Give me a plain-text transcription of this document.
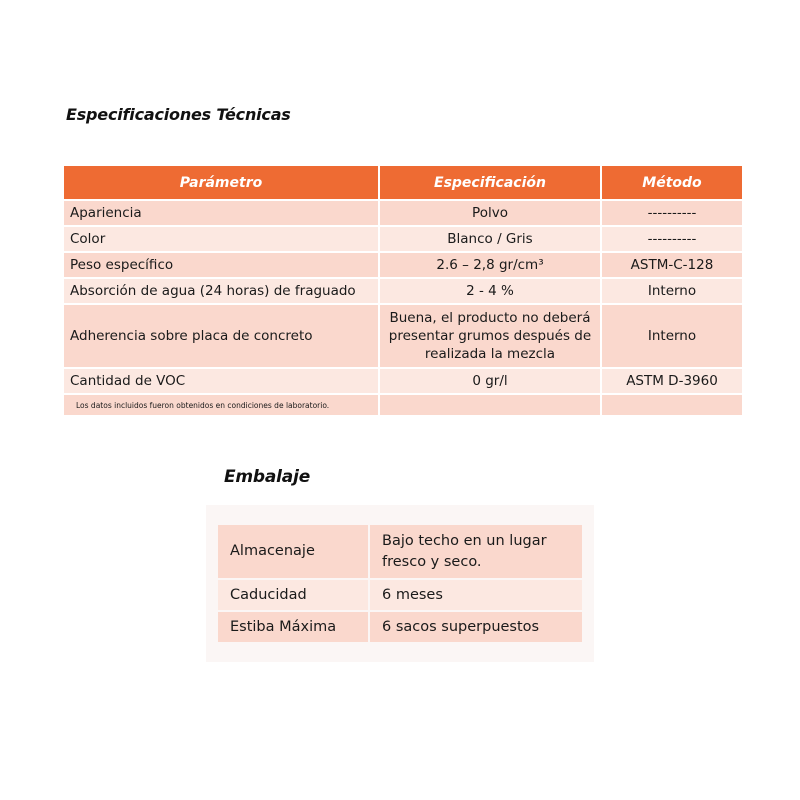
Especificaciones Técnicas
Parámetro	Especificación	Método
Apariencia	Polvo	----------
Color	Blanco / Gris	----------
Peso específico	2.6 – 2,8 gr/cm³	ASTM-C-128
Absorción de agua (24 horas) de fraguado	2 - 4 %	Interno
Adherencia sobre placa de concreto	Buena, el producto no deberá presentar grumos después de realizada la mezcla	Interno
Cantidad de VOC	0 gr/l	ASTM D-3960
Los datos incluidos fueron obtenidos en condiciones de laboratorio.		
Embalaje
Almacenaje	Bajo techo en un lugar fresco y seco.
Caducidad	6 meses
Estiba Máxima	6 sacos superpuestos
